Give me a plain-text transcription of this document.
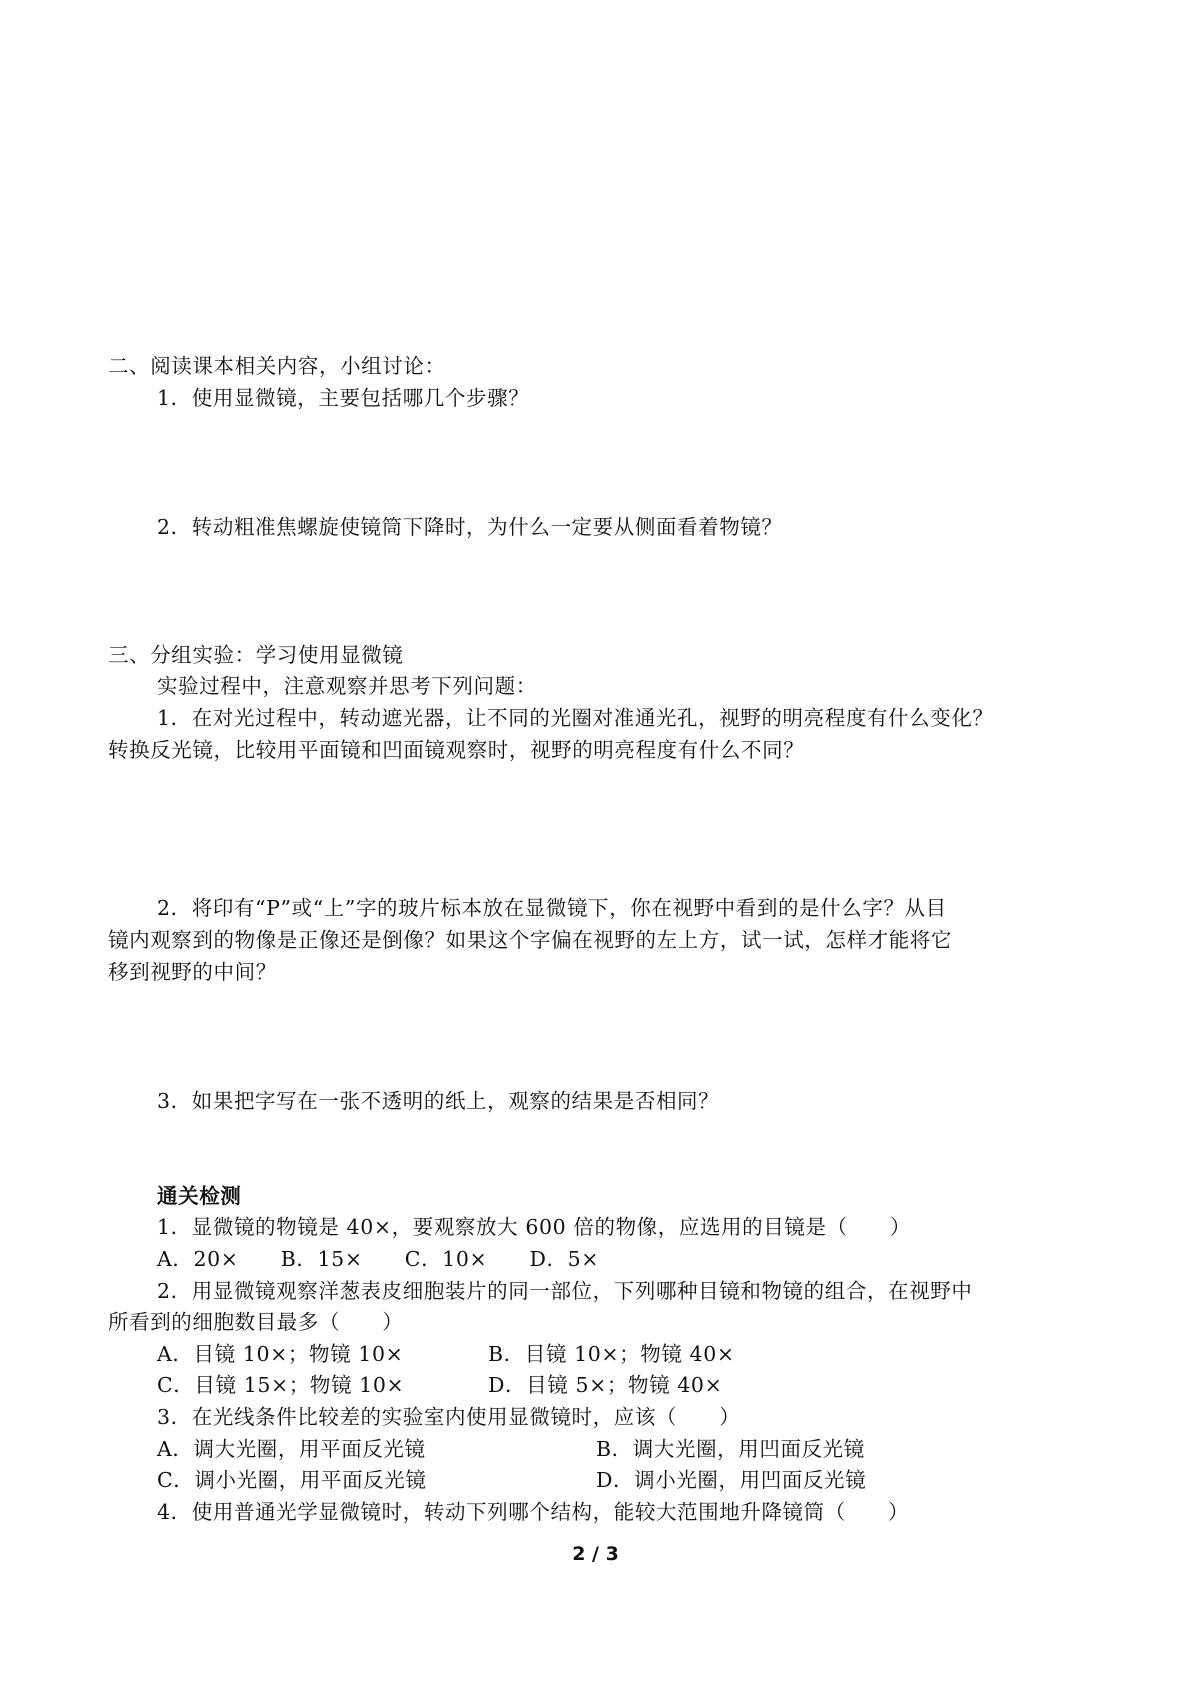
二、阅读课本相关内容，小组讨论：
1．使用显微镜，主要包括哪几个步骤？
2．转动粗准焦螺旋使镜筒下降时，为什么一定要从侧面看着物镜？
三、分组实验：学习使用显微镜
实验过程中，注意观察并思考下列问题：
1．在对光过程中，转动遮光器，让不同的光圈对准通光孔，视野的明亮程度有什么变化？
转换反光镜，比较用平面镜和凹面镜观察时，视野的明亮程度有什么不同？
2．将印有“P”或“上”字的玻片标本放在显微镜下，你在视野中看到的是什么字？从目
镜内观察到的物像是正像还是倒像？如果这个字偏在视野的左上方，试一试，怎样才能将它
移到视野的中间？
3．如果把字写在一张不透明的纸上，观察的结果是否相同？
通关检测
1．显微镜的物镜是 40×，要观察放大 600 倍的物像，应选用的目镜是（　　）
A．20×　　B．15×　　C．10×　　D．5×
2．用显微镜观察洋葱表皮细胞装片的同一部位，下列哪种目镜和物镜的组合，在视野中
所看到的细胞数目最多（　　）
A．目镜 10×；物镜 10×	B．目镜 10×；物镜 40×
C．目镜 15×；物镜 10×	D．目镜 5×；物镜 40×
3．在光线条件比较差的实验室内使用显微镜时，应该（　　）
A．调大光圈，用平面反光镜	B．调大光圈，用凹面反光镜
C．调小光圈，用平面反光镜	D．调小光圈，用凹面反光镜
4．使用普通光学显微镜时，转动下列哪个结构，能较大范围地升降镜筒（　　）
2 / 3
